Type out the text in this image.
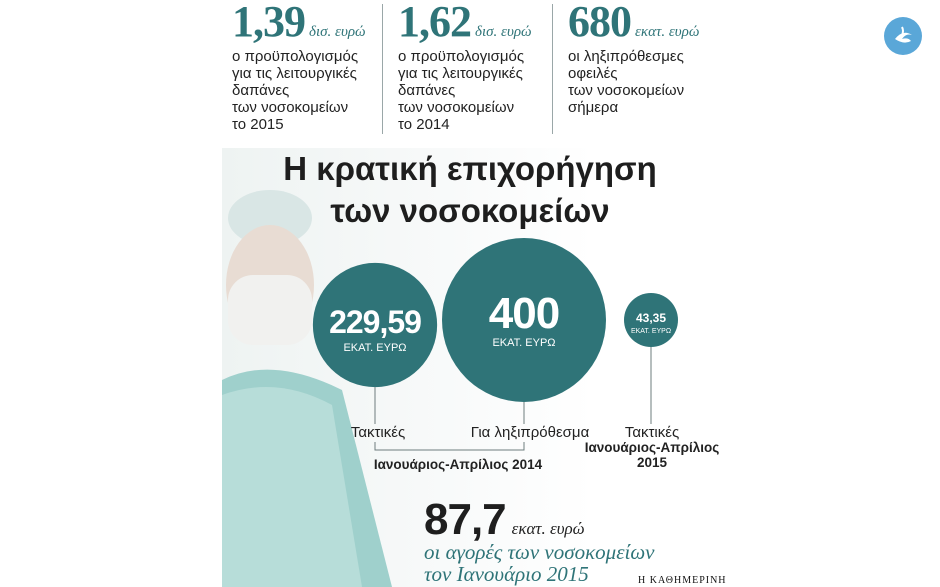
1,39 δισ. ευρώ
ο προϋπολογισμός
για τις λειτουργικές
δαπάνες
των νοσοκομείων
το 2015
1,62 δισ. ευρώ
ο προϋπολογισμός
για τις λειτουργικές
δαπάνες
των νοσοκομείων
το 2014
680 εκατ. ευρώ
οι ληξιπρόθεσμες
οφειλές
των νοσοκομείων
σήμερα
Η κρατική επιχορήγηση
των νοσοκομείων
229,59
ΕΚΑΤ. ΕΥΡΩ
400
ΕΚΑΤ. ΕΥΡΩ
43,35
ΕΚΑΤ. ΕΥΡΩ
Τακτικές	Για ληξιπρόθεσμα
Ιανουάριος-Απρίλιος 2014
Τακτικές
Ιανουάριος-Απρίλιος
2015
87,7 εκατ. ευρώ
οι αγορές των νοσοκομείων
τον Ιανουάριο 2015	Η ΚΑΘΗΜΕΡΙΝΗ
